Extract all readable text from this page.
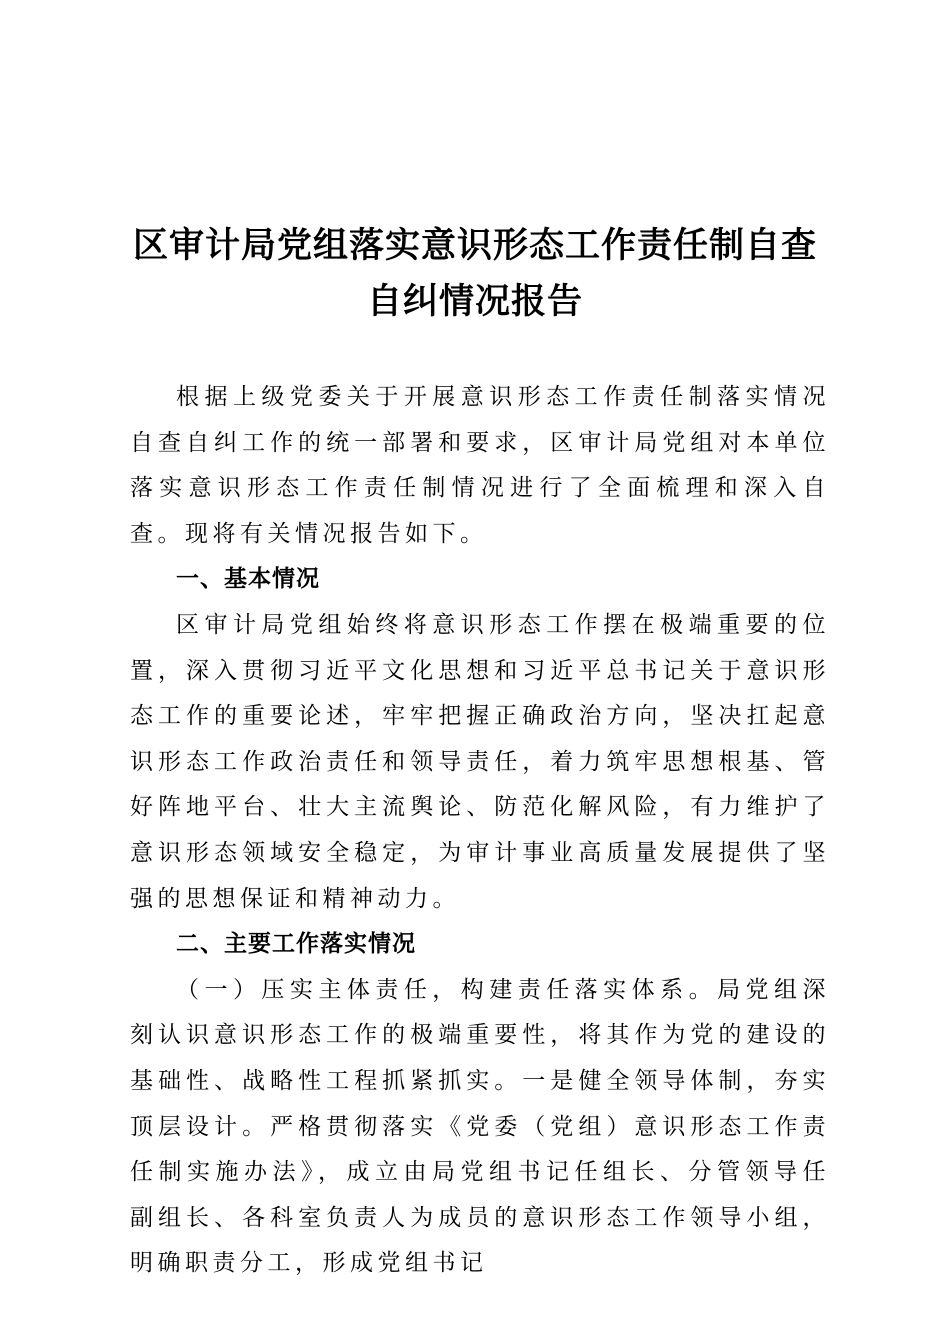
区审计局党组落实意识形态工作责任制自查自纠情况报告

根据上级党委关于开展意识形态工作责任制落实情况自查自纠工作的统一部署和要求，区审计局党组对本单位落实意识形态工作责任制情况进行了全面梳理和深入自查。现将有关情况报告如下。

一、基本情况

区审计局党组始终将意识形态工作摆在极端重要的位置，深入贯彻习近平文化思想和习近平总书记关于意识形态工作的重要论述，牢牢把握正确政治方向，坚决扛起意识形态工作政治责任和领导责任，着力筑牢思想根基、管好阵地平台、壮大主流舆论、防范化解风险，有力维护了意识形态领域安全稳定，为审计事业高质量发展提供了坚强的思想保证和精神动力。

二、主要工作落实情况

（一）压实主体责任，构建责任落实体系。局党组深刻认识意识形态工作的极端重要性，将其作为党的建设的基础性、战略性工程抓紧抓实。一是健全领导体制，夯实顶层设计。严格贯彻落实《党委（党组）意识形态工作责任制实施办法》，成立由局党组书记任组长、分管领导任副组长、各科室负责人为成员的意识形态工作领导小组，明确职责分工，形成党组书记
